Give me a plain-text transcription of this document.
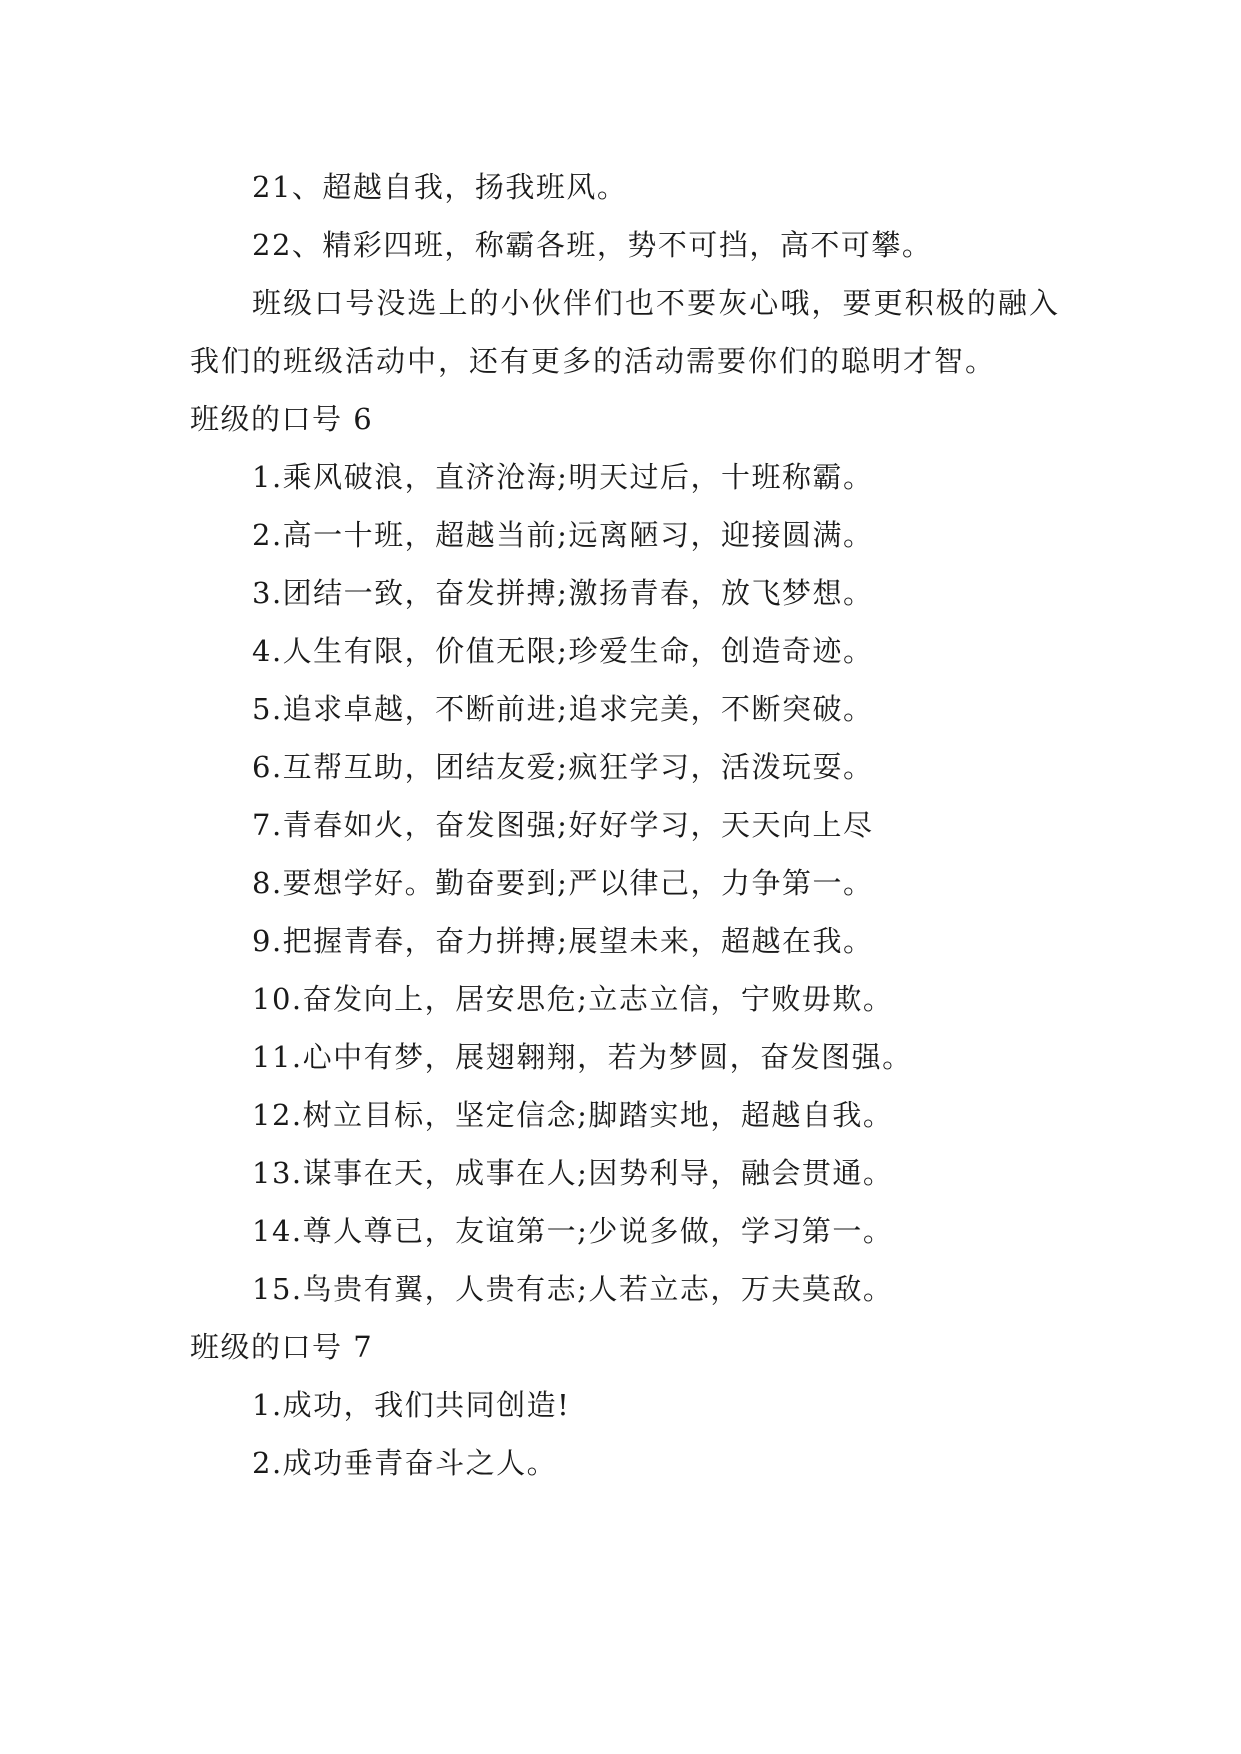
21、超越自我，扬我班风。
22、精彩四班，称霸各班，势不可挡，高不可攀。
班级口号没选上的小伙伴们也不要灰心哦，要更积极的融入我们的班级活动中，还有更多的活动需要你们的聪明才智。
班级的口号 6
1.乘风破浪，直济沧海;明天过后，十班称霸。
2.高一十班，超越当前;远离陋习，迎接圆满。
3.团结一致，奋发拼搏;激扬青春，放飞梦想。
4.人生有限，价值无限;珍爱生命，创造奇迹。
5.追求卓越，不断前进;追求完美，不断突破。
6.互帮互助，团结友爱;疯狂学习，活泼玩耍。
7.青春如火，奋发图强;好好学习，天天向上尽
8.要想学好。勤奋要到;严以律己，力争第一。
9.把握青春，奋力拼搏;展望未来，超越在我。
10.奋发向上，居安思危;立志立信，宁败毋欺。
11.心中有梦，展翅翱翔，若为梦圆，奋发图强。
12.树立目标，坚定信念;脚踏实地，超越自我。
13.谋事在天，成事在人;因势利导，融会贯通。
14.尊人尊已，友谊第一;少说多做，学习第一。
15.鸟贵有翼，人贵有志;人若立志，万夫莫敌。
班级的口号 7
1.成功，我们共同创造!
2.成功垂青奋斗之人。
